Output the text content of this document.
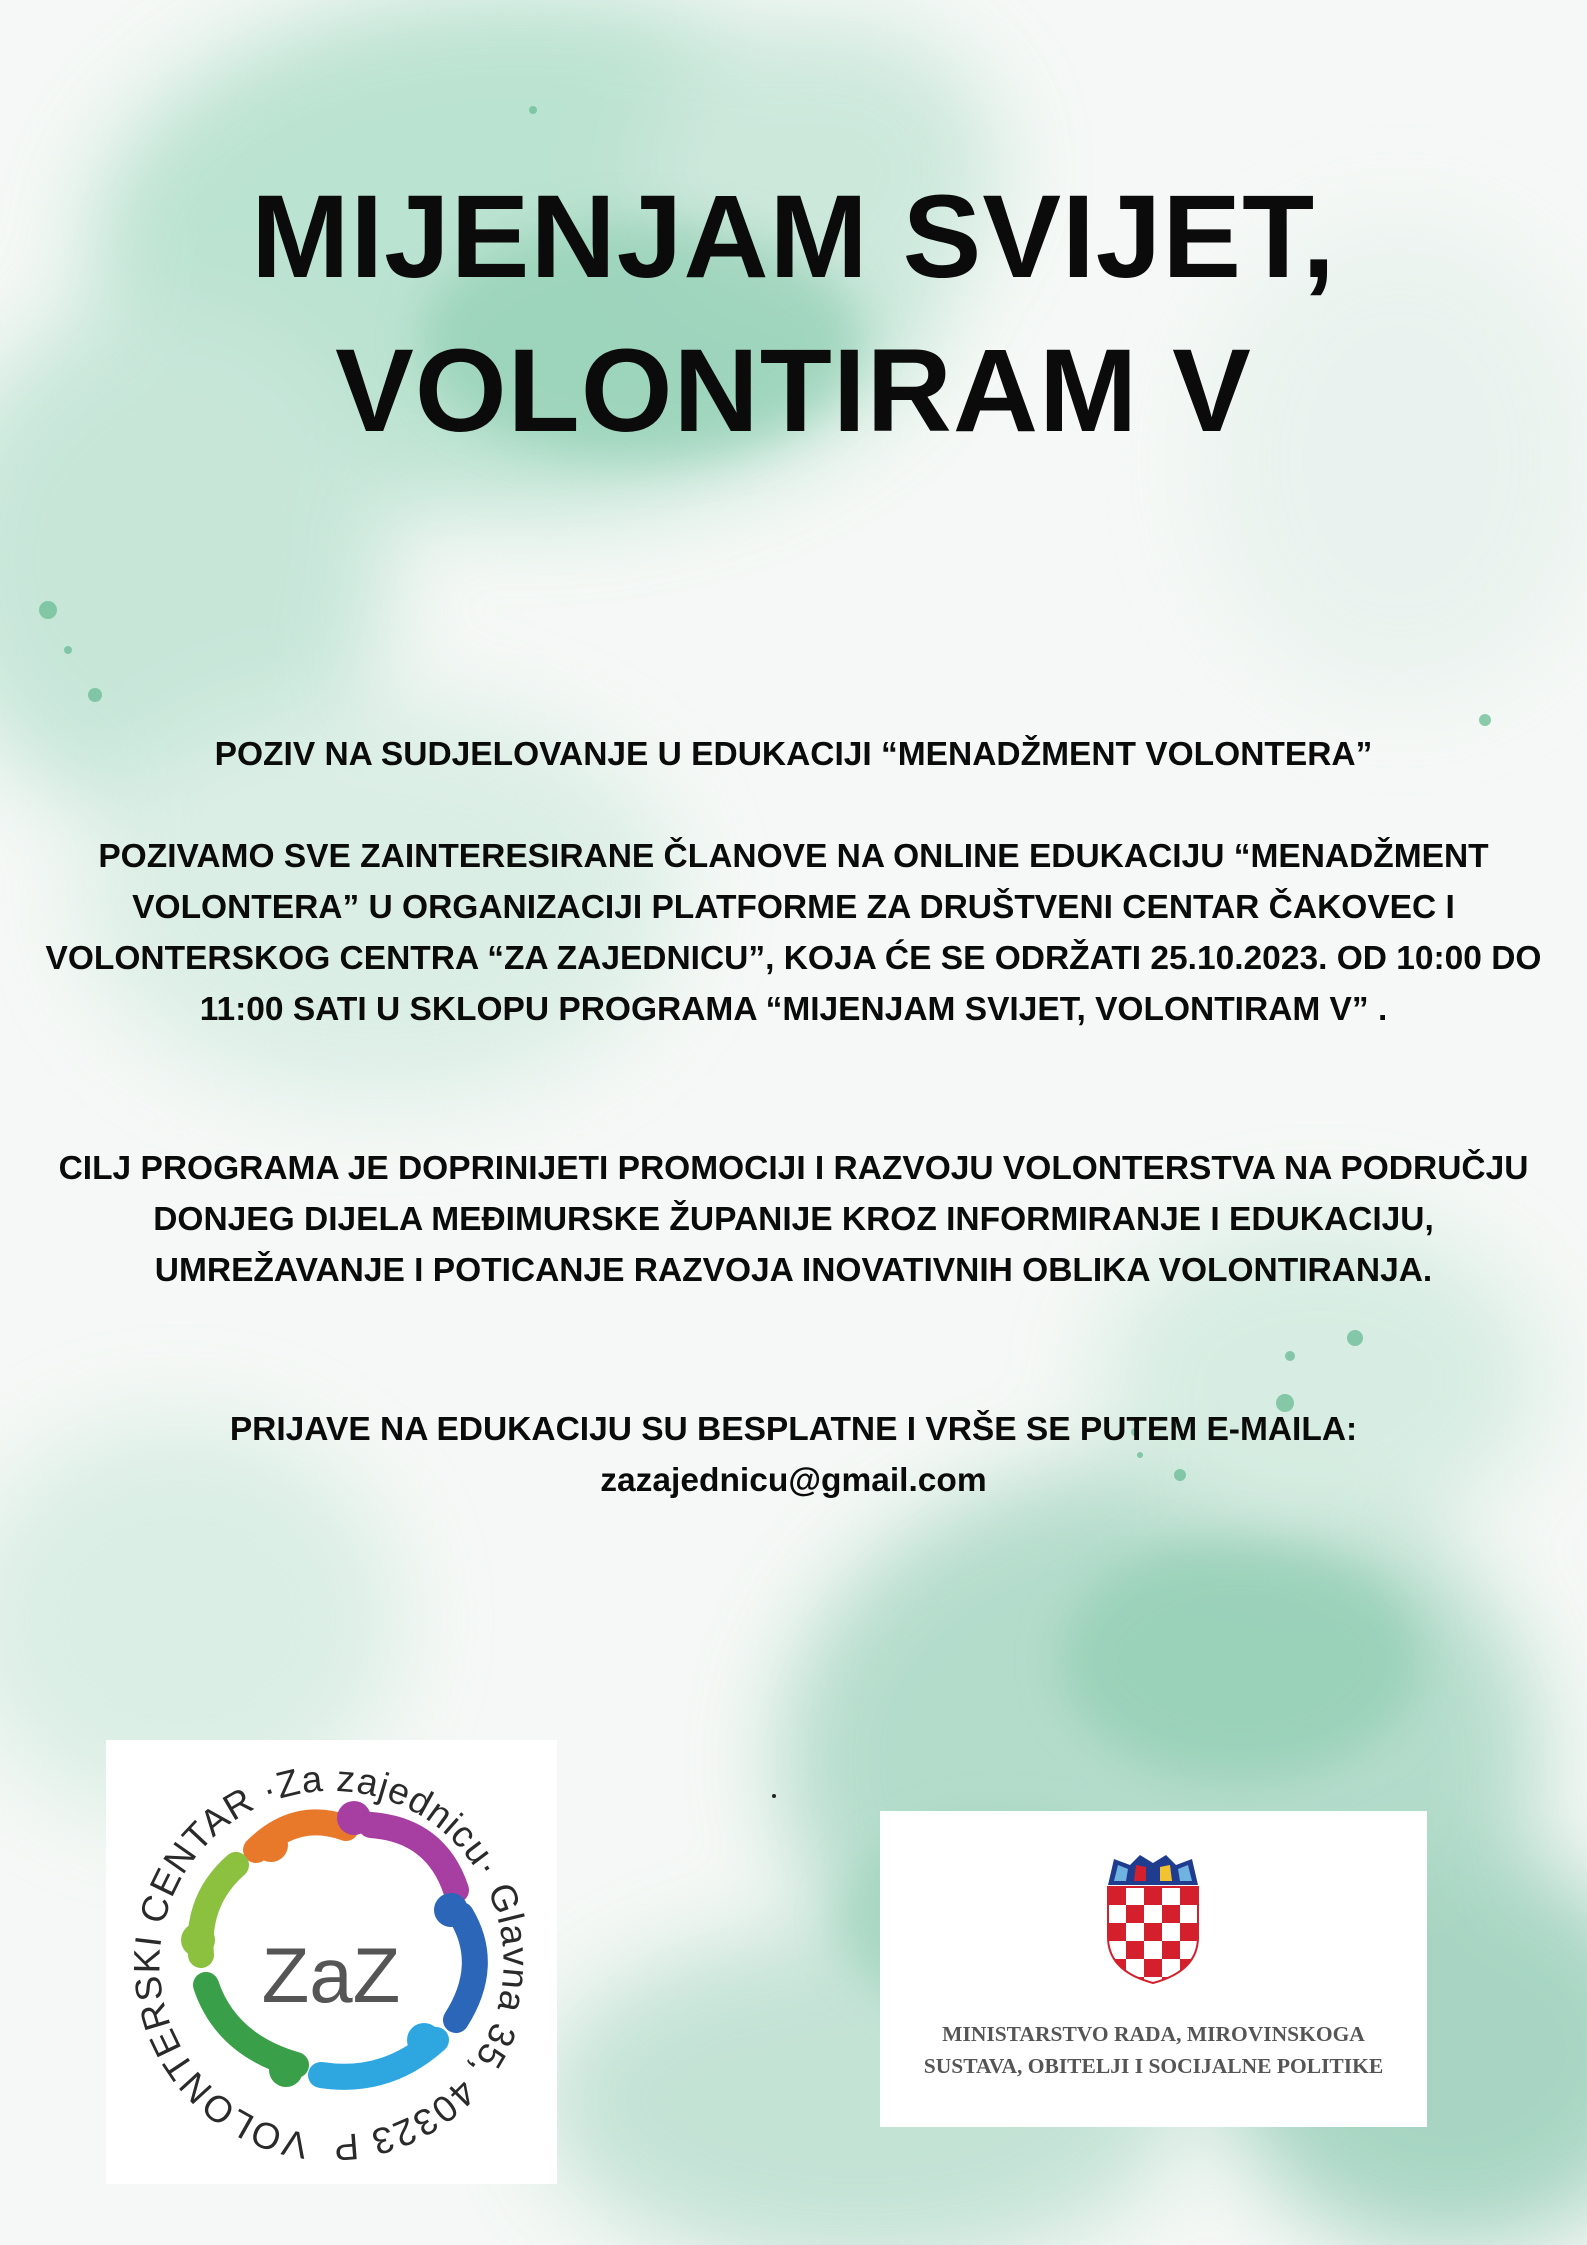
MIJENJAM SVIJET,
VOLONTIRAM V

POZIV NA SUDJELOVANJE U EDUKACIJI “MENADŽMENT VOLONTERA”

POZIVAMO SVE ZAINTERESIRANE ČLANOVE NA ONLINE EDUKACIJU “MENADŽMENT VOLONTERA” U ORGANIZACIJI PLATFORME ZA DRUŠTVENI CENTAR ČAKOVEC I VOLONTERSKOG CENTRA “ZA ZAJEDNICU”, KOJA ĆE SE ODRŽATI 25.10.2023. OD 10:00 DO 11:00 SATI U SKLOPU PROGRAMA “MIJENJAM SVIJET, VOLONTIRAM V” .

CILJ PROGRAMA JE DOPRINIJETI PROMOCIJI I RAZVOJU VOLONTERSTVA NA PODRUČJU DONJEG DIJELA MEĐIMURSKE ŽUPANIJE KROZ INFORMIRANJE I EDUKACIJU, UMREŽAVANJE I POTICANJE RAZVOJA INOVATIVNIH OBLIKA VOLONTIRANJA.

PRIJAVE NA EDUKACIJU SU BESPLATNE I VRŠE SE PUTEM E-MAILA:

zazajednicu@gmail.com

VOLONTERSKI CENTAR ·Za zajednicu· Glavna 35, 40323 P
ZaZ

MINISTARSTVO RADA, MIROVINSKOGA
SUSTAVA, OBITELJI I SOCIJALNE POLITIKE
